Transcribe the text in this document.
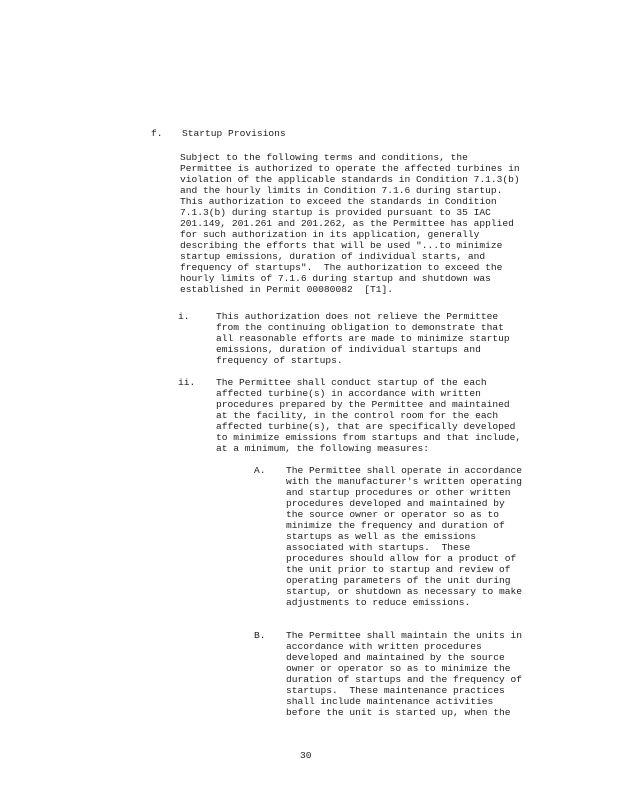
f. Startup Provisions
Subject to the following terms and conditions, the
Permittee is authorized to operate the affected turbines in
violation of the applicable standards in Condition 7.1.3(b)
and the hourly limits in Condition 7.1.6 during startup.
This authorization to exceed the standards in Condition
7.1.3(b) during startup is provided pursuant to 35 IAC
201.149, 201.261 and 201.262, as the Permittee has applied
for such authorization in its application, generally
describing the efforts that will be used "...to minimize
startup emissions, duration of individual starts, and
frequency of startups".  The authorization to exceed the
hourly limits of 7.1.6 during startup and shutdown was
established in Permit 00080082  [T1].
i.	This authorization does not relieve the Permittee
from the continuing obligation to demonstrate that
all reasonable efforts are made to minimize startup
emissions, duration of individual startups and
frequency of startups.
ii. The Permittee shall conduct startup of the each
affected turbine(s) in accordance with written
procedures prepared by the Permittee and maintained
at the facility, in the control room for the each
affected turbine(s), that are specifically developed
to minimize emissions from startups and that include,
at a minimum, the following measures:
A. The Permittee shall operate in accordance
with the manufacturer's written operating
and startup procedures or other written
procedures developed and maintained by
the source owner or operator so as to
minimize the frequency and duration of
startups as well as the emissions
associated with startups.  These
procedures should allow for a product of
the unit prior to startup and review of
operating parameters of the unit during
startup, or shutdown as necessary to make
adjustments to reduce emissions.
B. The Permittee shall maintain the units in
accordance with written procedures
developed and maintained by the source
owner or operator so as to minimize the
duration of startups and the frequency of
startups.  These maintenance practices
shall include maintenance activities
before the unit is started up, when the
30
